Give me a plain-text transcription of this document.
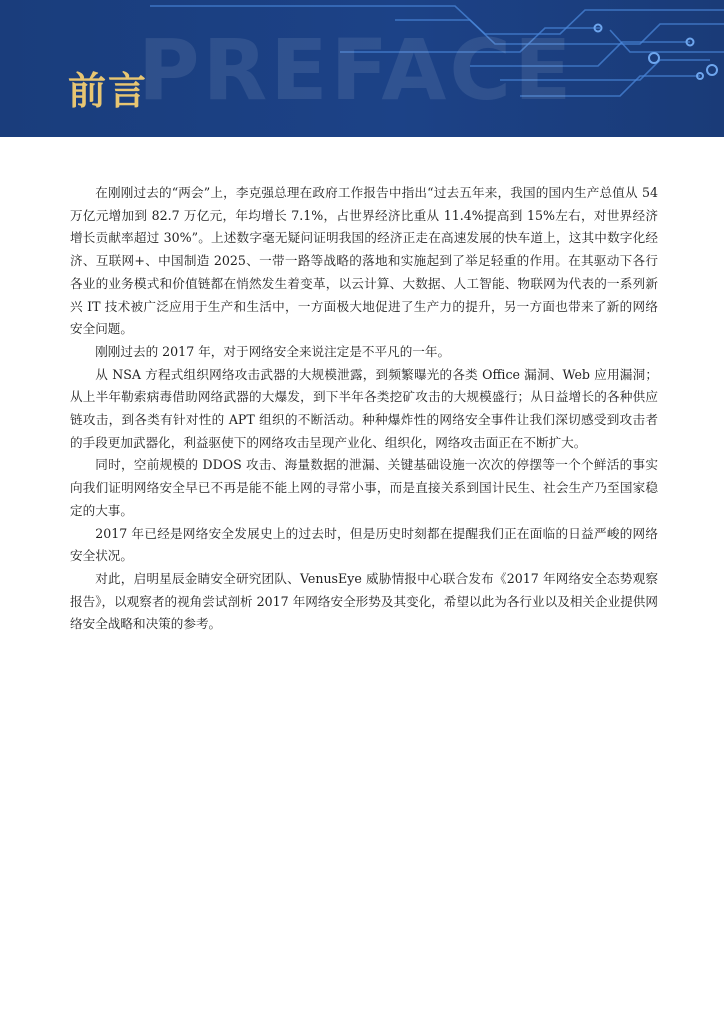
PREFACE
前言

在刚刚过去的“两会”上，李克强总理在政府工作报告中指出“过去五年来，我国的国内生产总值从 54 万亿元增加到 82.7 万亿元，年均增长 7.1%，占世界经济比重从 11.4%提高到 15%左右，对世界经济增长贡献率超过 30%”。上述数字毫无疑问证明我国的经济正走在高速发展的快车道上，这其中数字化经济、互联网+、中国制造 2025、一带一路等战略的落地和实施起到了举足轻重的作用。在其驱动下各行各业的业务模式和价值链都在悄然发生着变革，以云计算、大数据、人工智能、物联网为代表的一系列新兴 IT 技术被广泛应用于生产和生活中，一方面极大地促进了生产力的提升，另一方面也带来了新的网络安全问题。

刚刚过去的 2017 年，对于网络安全来说注定是不平凡的一年。

从 NSA 方程式组织网络攻击武器的大规模泄露，到频繁曝光的各类 Office 漏洞、Web 应用漏洞；从上半年勒索病毒借助网络武器的大爆发，到下半年各类挖矿攻击的大规模盛行；从日益增长的各种供应链攻击，到各类有针对性的 APT 组织的不断活动。种种爆炸性的网络安全事件让我们深切感受到攻击者的手段更加武器化，利益驱使下的网络攻击呈现产业化、组织化，网络攻击面正在不断扩大。

同时，空前规模的 DDOS 攻击、海量数据的泄漏、关键基础设施一次次的停摆等一个个鲜活的事实向我们证明网络安全早已不再是能不能上网的寻常小事，而是直接关系到国计民生、社会生产乃至国家稳定的大事。

2017 年已经是网络安全发展史上的过去时，但是历史时刻都在提醒我们正在面临的日益严峻的网络安全状况。

对此，启明星辰金睛安全研究团队、VenusEye 威胁情报中心联合发布《2017 年网络安全态势观察报告》，以观察者的视角尝试剖析 2017 年网络安全形势及其变化，希望以此为各行业以及相关企业提供网络安全战略和决策的参考。
